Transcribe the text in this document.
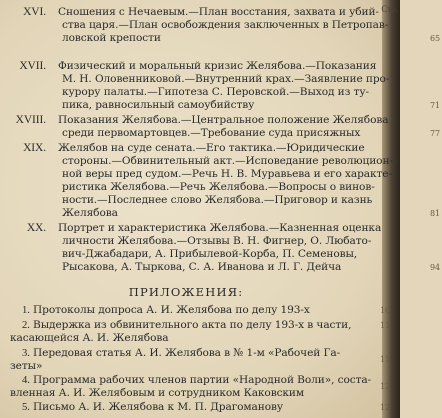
Стр.
XVI.	Сношения с Нечаевым.—План восстания, захвата и убий-
ства царя.—План освобождения заключенных в Петропав-
ловской крепости	65
XVII.	Физический и моральный кризис Желябова.—Показания
М. Н. Оловенниковой.—Внутренний крах.—Заявление про-
курору палаты.—Гипотеза С. Перовской.—Выход из ту-
пика, равносильный самоубийству	71
XVIII.	Показания Желябова.—Центральное положение Желябова
среди первомартовцев.—Требование суда присяжных	77
XIX.	Желябов на суде сената.—Его тактика.—Юридические
стороны.—Обвинительный акт.—Исповедание революцион-
ной веры пред судом.—Речь Н. В. Муравьева и его характе-
ристика Желябова.—Речь Желябова.—Вопросы о винов-
ности.—Последнее слово Желябова.—Приговор и казнь
Желябова	81
XX.	Портрет и характеристика Желябова.—Казненная оценка
личности Желябова.—Отзывы В. Н. Фигнер, О. Любато-
вич-Джабадари, А. Прибылевой-Корба, П. Семеновы,
Рысакова, А. Тыркова, С. А. Иванова и Л. Г. Дейча	94
ПРИЛОЖЕНИЯ:
1. Протоколы допроса А. И. Желябова по делу 193-х	10
2. Выдержка из обвинительного акта по делу 193-х в части,
касающейся А. И. Желябова
11
3. Передовая статья А. И. Желябова в № 1-м «Рабочей Га-
зеты»
11
4. Программа рабочих членов партии «Народной Воли», соста-
вленная А. И. Желябовым и сотрудником Каковским
12
5. Письмо А. И. Желябова к М. П. Драгоманову	12
